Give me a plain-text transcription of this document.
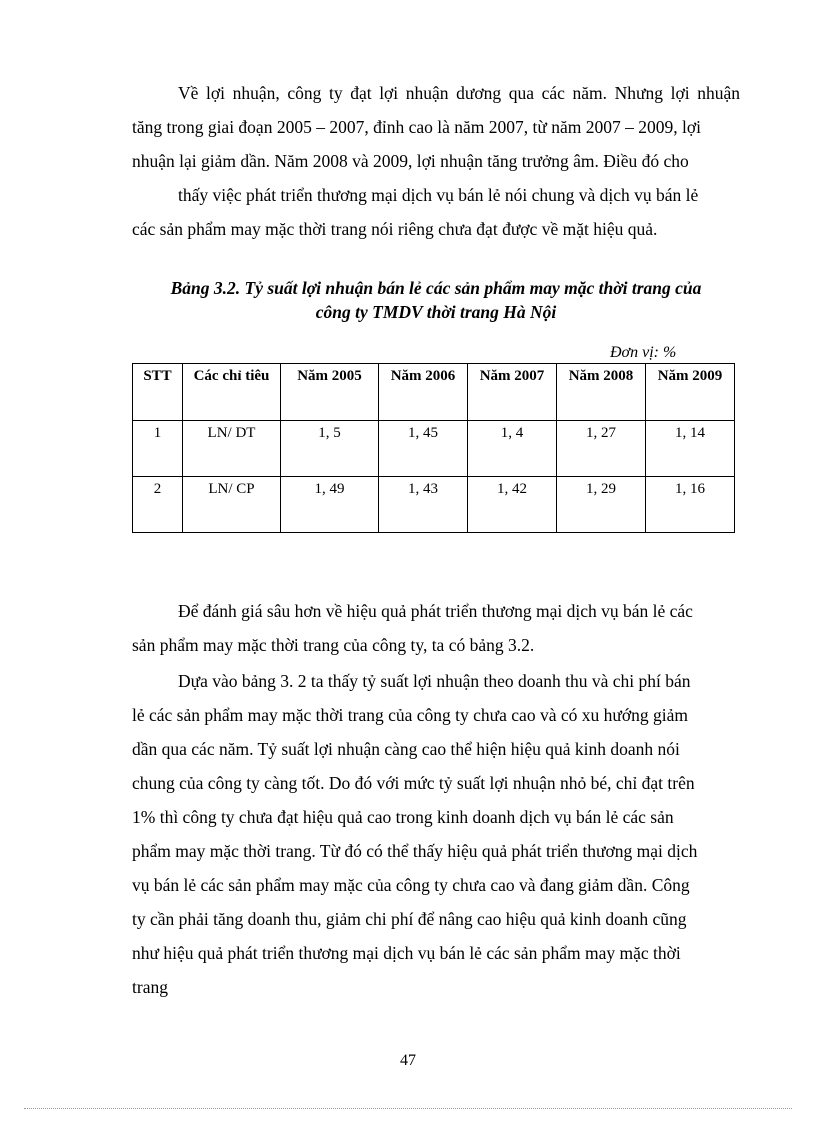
Về lợi nhuận, công ty đạt lợi nhuận dương qua các năm. Nhưng lợi nhuận
tăng trong giai đoạn 2005 – 2007, đỉnh cao là năm 2007, từ năm 2007 – 2009, lợi
nhuận lại giảm dần. Năm 2008 và 2009, lợi nhuận tăng trưởng âm. Điều đó cho
thấy việc phát triển thương mại dịch vụ bán lẻ nói chung và dịch vụ bán lẻ
các sản phẩm may mặc thời trang nói riêng chưa đạt được về mặt hiệu quả.
Bảng 3.2. Tỷ suất lợi nhuận bán lẻ các sản phẩm may mặc thời trang của
công ty TMDV thời trang Hà Nội
Đơn vị: %
STT	Các chỉ tiêu	Năm 2005	Năm 2006	Năm 2007	Năm 2008	Năm 2009
1	LN/ DT	1, 5	1, 45	1, 4	1, 27	1, 14
2	LN/ CP	1, 49	1, 43	1, 42	1, 29	1, 16
Để đánh giá sâu hơn về hiệu quả phát triển thương mại dịch vụ bán lẻ các
sản phẩm may mặc thời trang của công ty, ta có bảng 3.2.
Dựa vào bảng 3. 2 ta thấy tỷ suất lợi nhuận theo doanh thu và chi phí bán
lẻ các sản phẩm may mặc thời trang của công ty chưa cao và có xu hướng giảm
dần qua các năm. Tỷ suất lợi nhuận càng cao thể hiện hiệu quả kinh doanh nói
chung của công ty càng tốt. Do đó với mức tỷ suất lợi nhuận nhỏ bé, chỉ đạt trên
1% thì công ty chưa đạt hiệu quả cao trong kinh doanh dịch vụ bán lẻ các sản
phẩm may mặc thời trang. Từ đó có thể thấy hiệu quả phát triển thương mại dịch
vụ bán lẻ các sản phẩm may mặc của công ty chưa cao và đang giảm dần. Công
ty cần phải tăng doanh thu, giảm chi phí để nâng cao hiệu quả kinh doanh cũng
như hiệu quả phát triển thương mại dịch vụ bán lẻ các sản phẩm may mặc thời
trang
47
